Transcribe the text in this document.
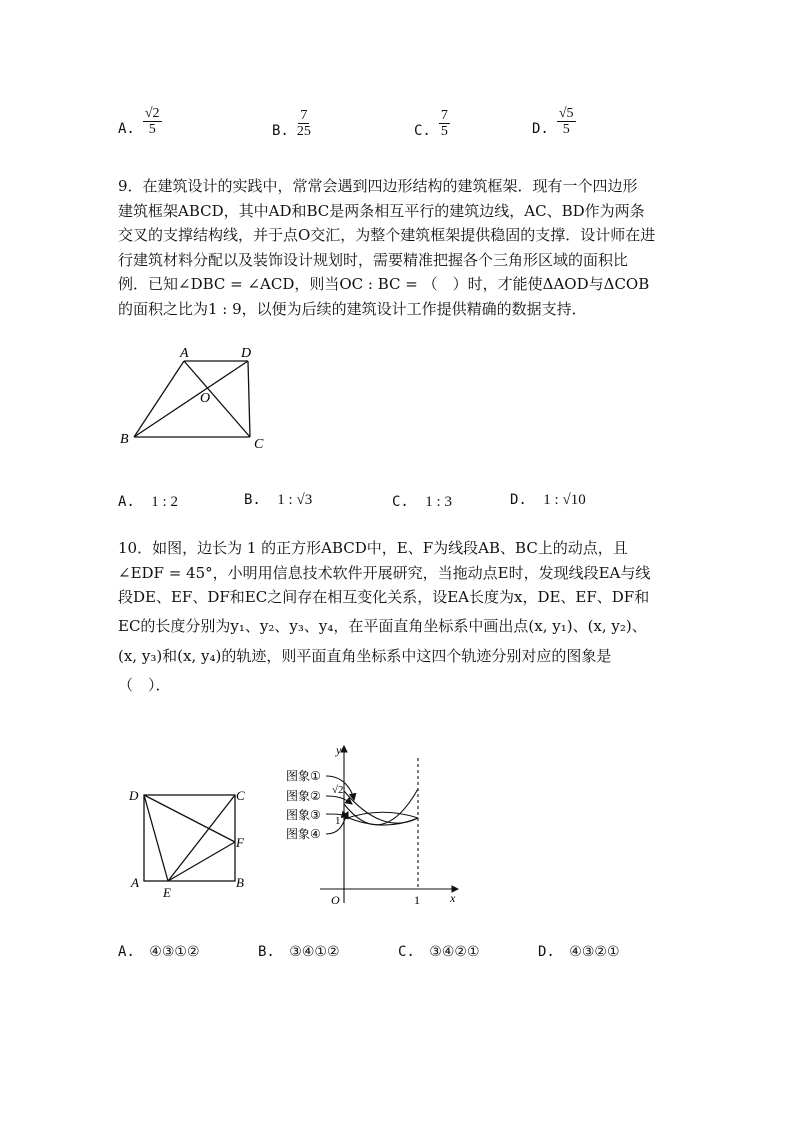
A. $\frac{√2}{5}$	B. $\frac{7}{25}$	C. $\frac{7}{5}$	D. $\frac{√5}{5}$
9．在建筑设计的实践中，常常会遇到四边形结构的建筑框架．现有一个四边形
建筑框架ABCD，其中AD和BC是两条相互平行的建筑边线，AC、BD作为两条
交叉的支撑结构线，并于点O交汇，为整个建筑框架提供稳固的支撑．设计师在进
行建筑材料分配以及装饰设计规划时，需要精准把握各个三角形区域的面积比
例．已知∠DBC = ∠ACD，则当OC : BC = （　）时，才能使ΔAOD与ΔCOB
的面积之比为1 : 9，以便为后续的建筑设计工作提供精确的数据支持．
A	D
O
B	C
A. 1 : 2	B. 1 : √3	C. 1 : 3	D. 1 : √10
10．如图，边长为 1 的正方形ABCD中，E、F为线段AB、BC上的动点，且
∠EDF = 45°，小明用信息技术软件开展研究，当拖动点E时，发现线段EA与线
段DE、EF、DF和EC之间存在相互变化关系，设EA长度为x，DE、EF、DF和
EC的长度分别为y₁、y₂、y₃、y₄，在平面直角坐标系中画出点(x, y₁)、(x, y₂)、
(x, y₃)和(x, y₄)的轨迹，则平面直角坐标系中这四个轨迹分别对应的图象是
（　）．
D	C
F
A
E
B
y
x
O	1
√2
1
图象①
图象②
图象③
图象④
A. ④③①②	B. ③④①②	C. ③④②①	D. ④③②①
